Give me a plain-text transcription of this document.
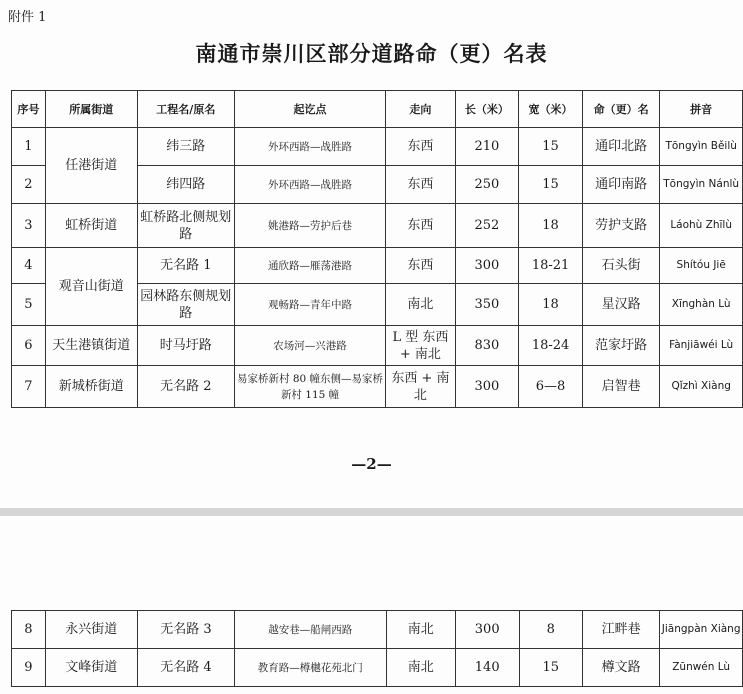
附件 1
南通市崇川区部分道路命（更）名表
序号	所属街道	工程名/原名	起讫点	走向	长（米）	宽（米）	命（更）名	拼音
1	任港街道	纬三路	外环西路—战胜路	东西	210	15	通印北路	Tōngyìn Běilù
2		纬四路	外环西路—战胜路	东西	250	15	通印南路	Tōngyìn Nánlù
3	虹桥街道	虹桥路北侧规划路	姚港路—劳护后巷	东西	252	18	劳护支路	Láohù Zhīlù
4	观音山街道	无名路 1	通欣路—雁荡港路	东西	300	18-21	石头街	Shítóu Jiē
5		园林路东侧规划路	观畅路—青年中路	南北	350	18	星汉路	Xīnghàn Lù
6	天生港镇街道	时马圩路	农场河—兴港路	L 型 东西 + 南北	830	18-24	范家圩路	Fànjiāwéi Lù
7	新城桥街道	无名路 2	易家桥新村 80 幢东侧—易家桥新村 115 幢	东西 + 南北	300	6—8	启智巷	Qǐzhì Xiàng
—2—
8	永兴街道	无名路 3	越安巷—船闸西路	南北	300	8	江畔巷	Jiāngpàn Xiàng
9	文峰街道	无名路 4	教育路—樽樾花苑北门	南北	140	15	樽文路	Zūnwén Lù
